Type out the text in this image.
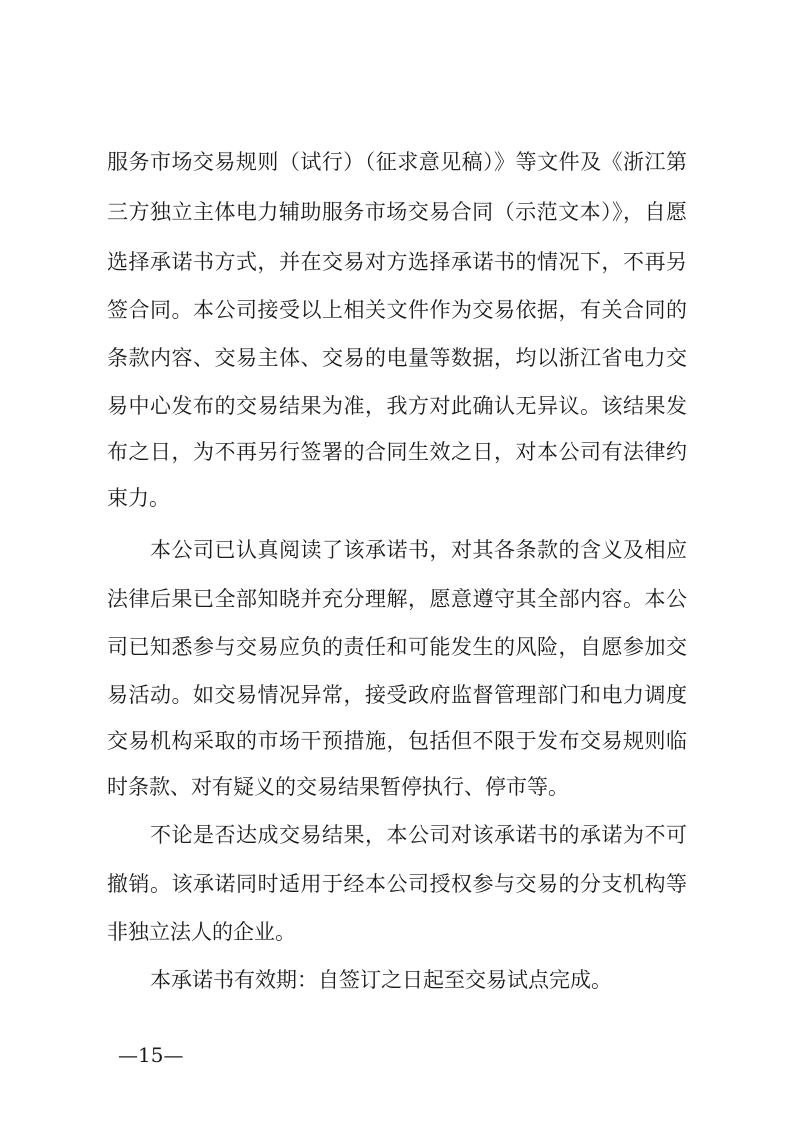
服务市场交易规则（试行）（征求意见稿）》等文件及《浙江第
三方独立主体电力辅助服务市场交易合同（示范文本）》，自愿
选择承诺书方式，并在交易对方选择承诺书的情况下，不再另
签合同。本公司接受以上相关文件作为交易依据，有关合同的
条款内容、交易主体、交易的电量等数据，均以浙江省电力交
易中心发布的交易结果为准，我方对此确认无异议。该结果发
布之日，为不再另行签署的合同生效之日，对本公司有法律约
束力。
本公司已认真阅读了该承诺书，对其各条款的含义及相应
法律后果已全部知晓并充分理解，愿意遵守其全部内容。本公
司已知悉参与交易应负的责任和可能发生的风险，自愿参加交
易活动。如交易情况异常，接受政府监督管理部门和电力调度
交易机构采取的市场干预措施，包括但不限于发布交易规则临
时条款、对有疑义的交易结果暂停执行、停市等。
不论是否达成交易结果，本公司对该承诺书的承诺为不可
撤销。该承诺同时适用于经本公司授权参与交易的分支机构等
非独立法人的企业。
本承诺书有效期：自签订之日起至交易试点完成。
—15—
